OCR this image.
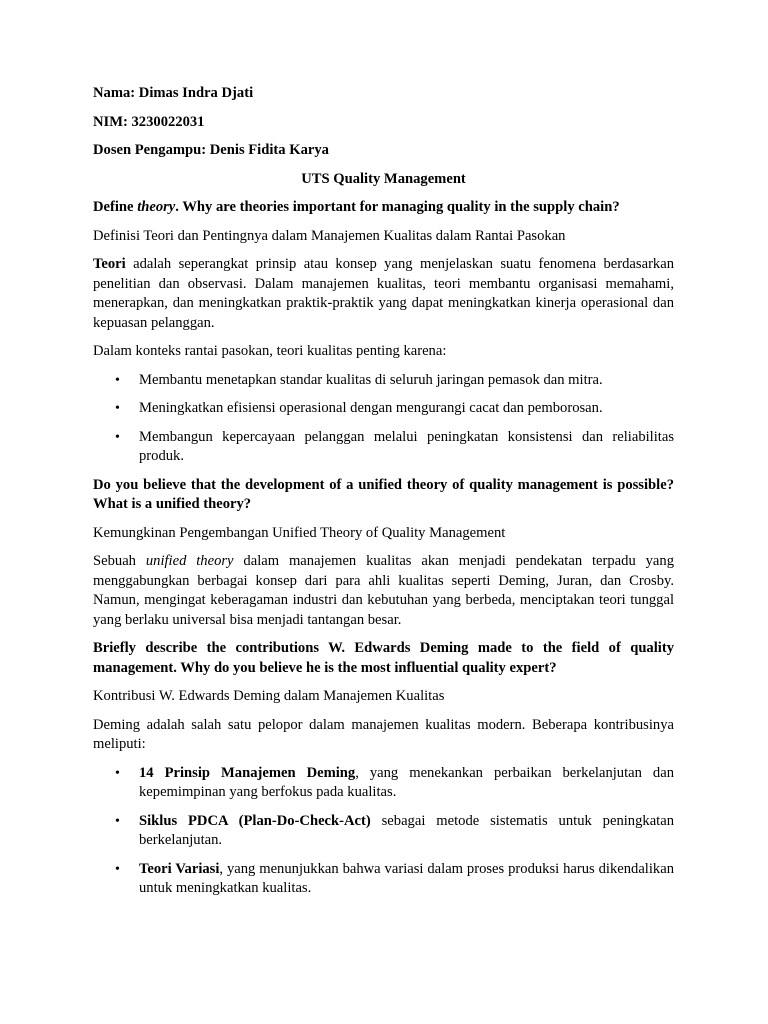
Nama: Dimas Indra Djati

NIM: 3230022031

Dosen Pengampu: Denis Fidita Karya

UTS Quality Management

Define theory. Why are theories important for managing quality in the supply chain?

Definisi Teori dan Pentingnya dalam Manajemen Kualitas dalam Rantai Pasokan

Teori adalah seperangkat prinsip atau konsep yang menjelaskan suatu fenomena berdasarkan penelitian dan observasi. Dalam manajemen kualitas, teori membantu organisasi memahami, menerapkan, dan meningkatkan praktik-praktik yang dapat meningkatkan kinerja operasional dan kepuasan pelanggan.

Dalam konteks rantai pasokan, teori kualitas penting karena:

• Membantu menetapkan standar kualitas di seluruh jaringan pemasok dan mitra.
• Meningkatkan efisiensi operasional dengan mengurangi cacat dan pemborosan.
• Membangun kepercayaan pelanggan melalui peningkatan konsistensi dan reliabilitas produk.

Do you believe that the development of a unified theory of quality management is possible? What is a unified theory?

Kemungkinan Pengembangan Unified Theory of Quality Management

Sebuah unified theory dalam manajemen kualitas akan menjadi pendekatan terpadu yang menggabungkan berbagai konsep dari para ahli kualitas seperti Deming, Juran, dan Crosby. Namun, mengingat keberagaman industri dan kebutuhan yang berbeda, menciptakan teori tunggal yang berlaku universal bisa menjadi tantangan besar.

Briefly describe the contributions W. Edwards Deming made to the field of quality management. Why do you believe he is the most influential quality expert?

Kontribusi W. Edwards Deming dalam Manajemen Kualitas

Deming adalah salah satu pelopor dalam manajemen kualitas modern. Beberapa kontribusinya meliputi:

• 14 Prinsip Manajemen Deming, yang menekankan perbaikan berkelanjutan dan kepemimpinan yang berfokus pada kualitas.
• Siklus PDCA (Plan-Do-Check-Act) sebagai metode sistematis untuk peningkatan berkelanjutan.
• Teori Variasi, yang menunjukkan bahwa variasi dalam proses produksi harus dikendalikan untuk meningkatkan kualitas.
